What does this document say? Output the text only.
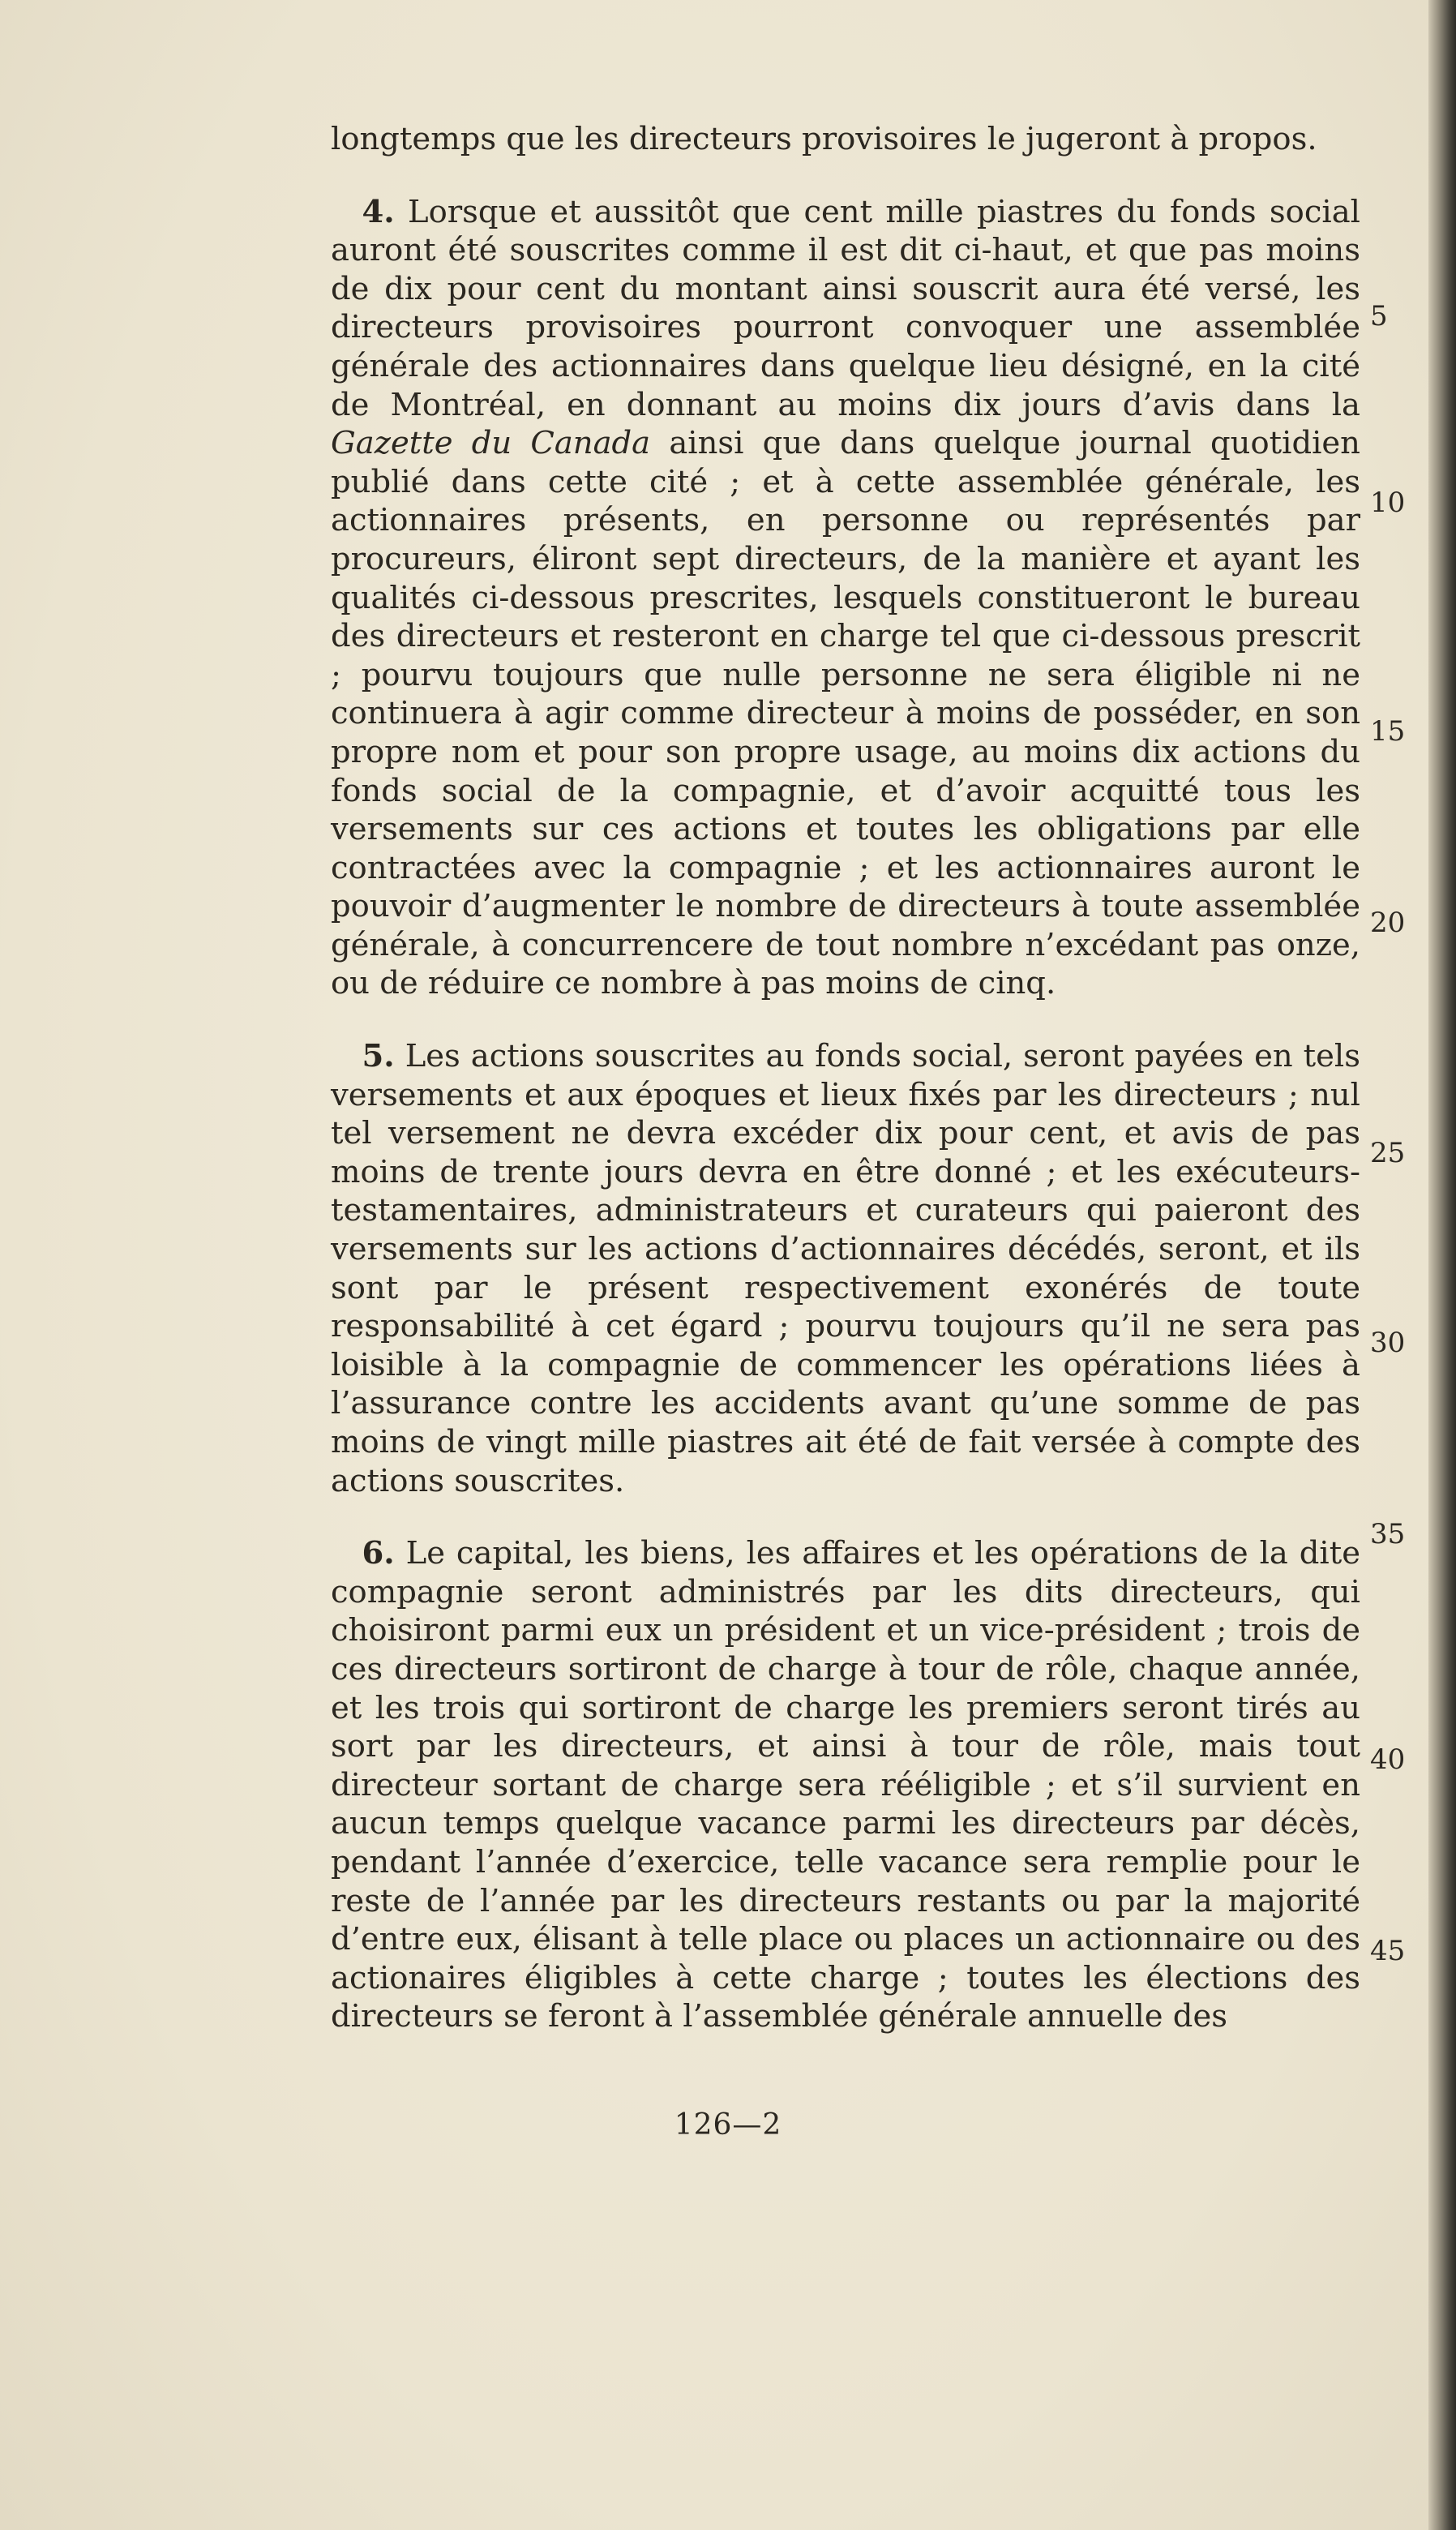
longtemps que les directeurs provisoires le jugeront à propos.

 4. Lorsque et aussitôt que cent mille piastres du fonds social auront été souscrites comme il est dit ci-haut, et que pas moins de dix pour cent du montant ainsi souscrit aura été versé, les directeurs provisoires pourront convoquer une assemblée générale des actionnaires dans quelque lieu désigné, en la cité de Montréal, en donnant au moins dix jours d’avis dans la Gazette du Canada ainsi que dans quelque journal quotidien publié dans cette cité ; et à cette assemblée générale, les actionnaires présents, en personne ou représentés par procureurs, éliront sept directeurs, de la manière et ayant les qualités ci-dessous prescrites, lesquels constitueront le bureau des directeurs et resteront en charge tel que ci-dessous prescrit ; pourvu toujours que nulle personne ne sera éligible ni ne continuera à agir comme directeur à moins de posséder, en son propre nom et pour son propre usage, au moins dix actions du fonds social de la compagnie, et d’avoir acquitté tous les versements sur ces actions et toutes les obligations par elle contractées avec la compagnie ; et les actionnaires auront le pouvoir d’augmenter le nombre de directeurs à toute assemblée générale, à concurrencere de tout nombre n’excédant pas onze, ou de réduire ce nombre à pas moins de cinq.

 5. Les actions souscrites au fonds social, seront payées en tels versements et aux époques et lieux fixés par les directeurs ; nul tel versement ne devra excéder dix pour cent, et avis de pas moins de trente jours devra en être donné ; et les exécuteurs-testamentaires, administrateurs et curateurs qui paieront des versements sur les actions d’actionnaires décédés, seront, et ils sont par le présent respectivement exonérés de toute responsabilité à cet égard ; pourvu toujours qu’il ne sera pas loisible à la compagnie de commencer les opérations liées à l’assurance contre les accidents avant qu’une somme de pas moins de vingt mille piastres ait été de fait versée à compte des actions souscrites.

 6. Le capital, les biens, les affaires et les opérations de la dite compagnie seront administrés par les dits directeurs, qui choisiront parmi eux un président et un vice-président ; trois de ces directeurs sortiront de charge à tour de rôle, chaque année, et les trois qui sortiront de charge les premiers seront tirés au sort par les directeurs, et ainsi à tour de rôle, mais tout directeur sortant de charge sera rééligible ; et s’il survient en aucun temps quelque vacance parmi les directeurs par décès, pendant l’année d’exercice, telle vacance sera remplie pour le reste de l’année par les directeurs restants ou par la majorité d’entre eux, élisant à telle place ou places un actionnaire ou des actionaires éligibles à cette charge ; toutes les élections des directeurs se feront à l’assemblée générale annuelle des

5
10
15
20
25
30
35
40
45
126—2
